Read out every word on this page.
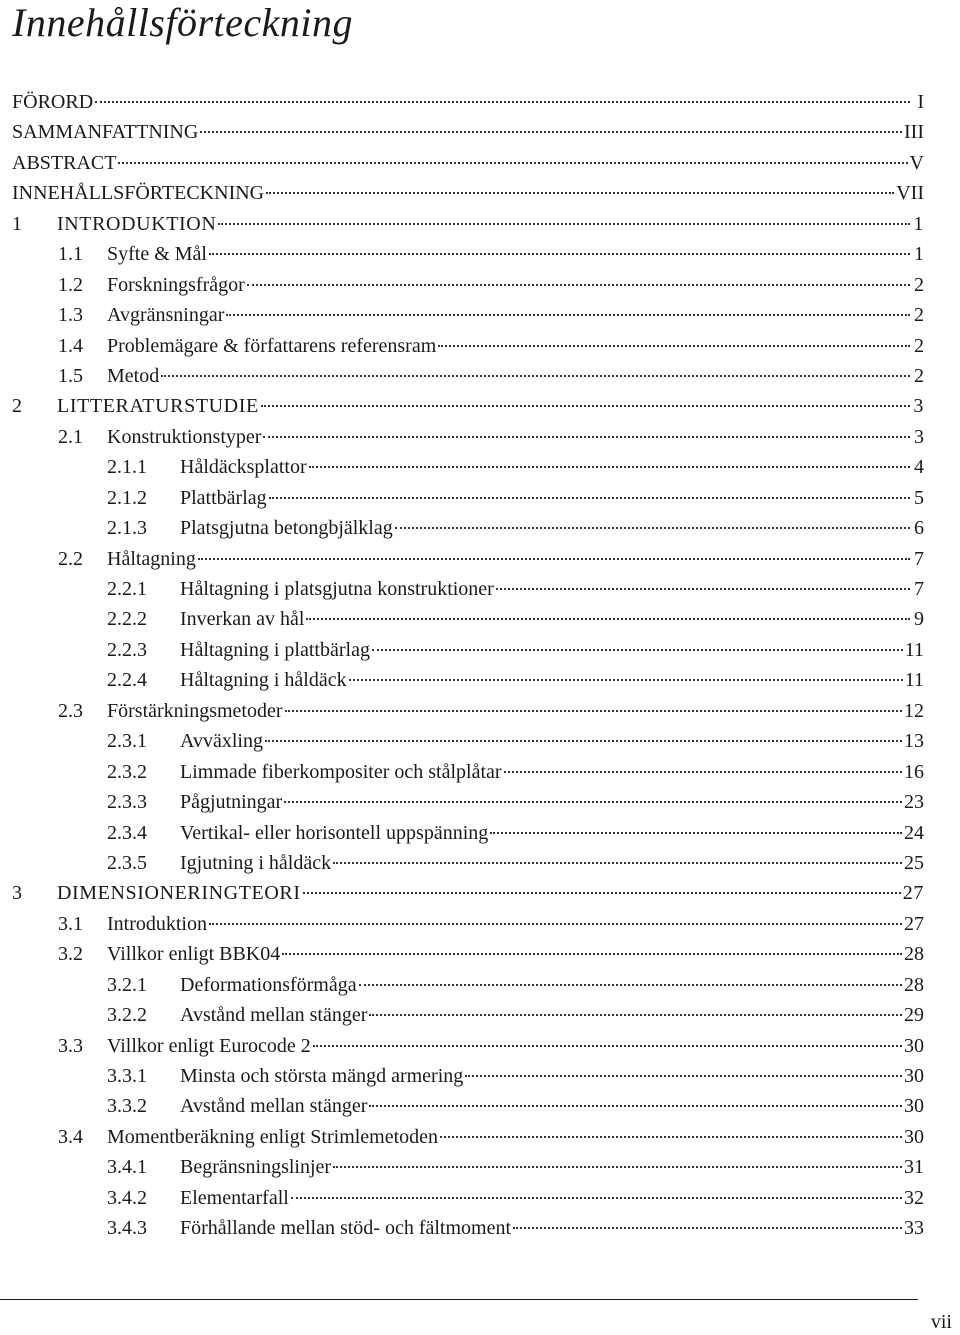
Innehållsförteckning
FÖRORD	I
SAMMANFATTNING	III
ABSTRACT	V
INNEHÅLLSFÖRTECKNING	VII
1	INTRODUKTION	1
1.1	Syfte & Mål	1
1.2	Forskningsfrågor	2
1.3	Avgränsningar	2
1.4	Problemägare & författarens referensram	2
1.5	Metod	2
2	LITTERATURSTUDIE	3
2.1	Konstruktionstyper	3
2.1.1	Håldäcksplattor	4
2.1.2	Plattbärlag	5
2.1.3	Platsgjutna betongbjälklag	6
2.2	Håltagning	7
2.2.1	Håltagning i platsgjutna konstruktioner	7
2.2.2	Inverkan av hål	9
2.2.3	Håltagning i plattbärlag	11
2.2.4	Håltagning i håldäck	11
2.3	Förstärkningsmetoder	12
2.3.1	Avväxling	13
2.3.2	Limmade fiberkompositer och stålplåtar	16
2.3.3	Pågjutningar	23
2.3.4	Vertikal- eller horisontell uppspänning	24
2.3.5	Igjutning i håldäck	25
3	DIMENSIONERINGTEORI	27
3.1	Introduktion	27
3.2	Villkor enligt BBK04	28
3.2.1	Deformationsförmåga	28
3.2.2	Avstånd mellan stänger	29
3.3	Villkor enligt Eurocode 2	30
3.3.1	Minsta och största mängd armering	30
3.3.2	Avstånd mellan stänger	30
3.4	Momentberäkning enligt Strimlemetoden	30
3.4.1	Begränsningslinjer	31
3.4.2	Elementarfall	32
3.4.3	Förhållande mellan stöd- och fältmoment	33
vii
